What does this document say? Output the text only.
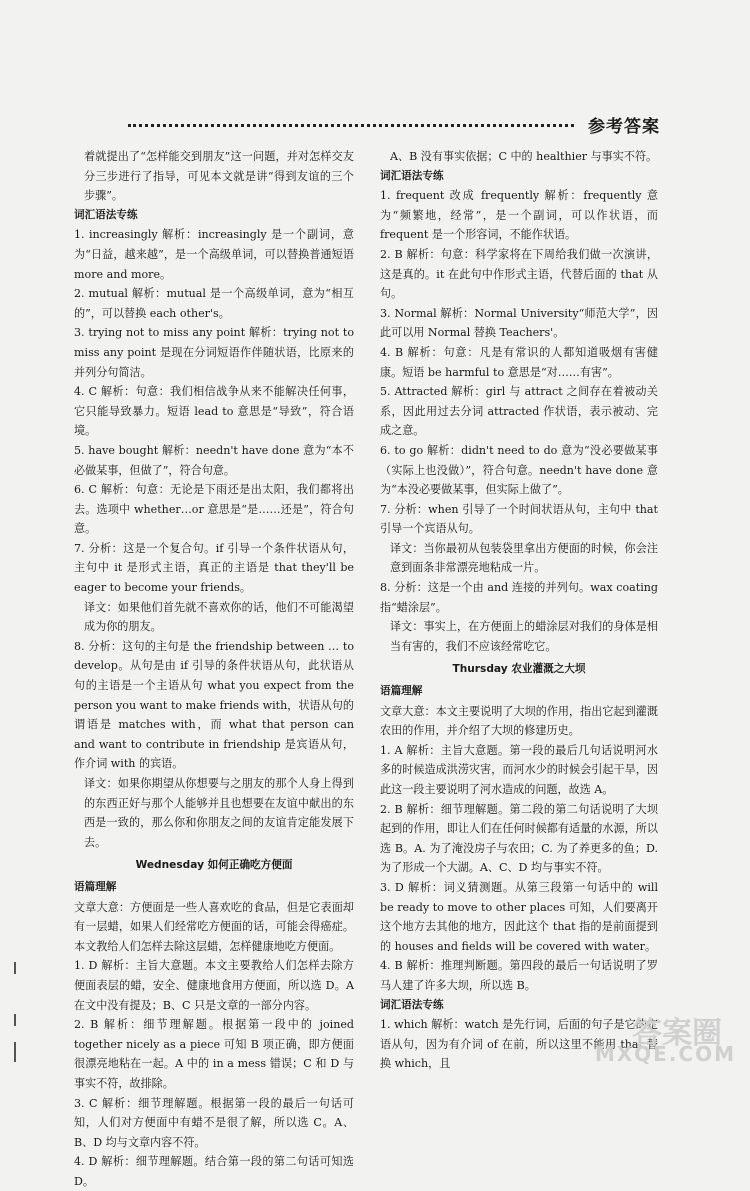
参考答案
着就提出了“怎样能交到朋友”这一问题，并对怎样交友分三步进行了指导，可见本文就是讲“得到友谊的三个步骤”。
词汇语法专练
1. increasingly 解析：increasingly 是一个副词，意为“日益，越来越”，是一个高级单词，可以替换普通短语 more and more。
2. mutual 解析：mutual 是一个高级单词，意为“相互的”，可以替换 each other's。
3. trying not to miss any point 解析：trying not to miss any point 是现在分词短语作伴随状语，比原来的并列分句简洁。
4. C 解析：句意：我们相信战争从来不能解决任何事，它只能导致暴力。短语 lead to 意思是“导致”，符合语境。
5. have bought 解析：needn't have done 意为“本不必做某事，但做了”，符合句意。
6. C 解析：句意：无论是下雨还是出太阳，我们都将出去。选项中 whether…or 意思是“是……还是”，符合句意。
7. 分析：这是一个复合句。if 引导一个条件状语从句，主句中 it 是形式主语，真正的主语是 that they'll be eager to become your friends。
译文：如果他们首先就不喜欢你的话，他们不可能渴望成为你的朋友。
8. 分析：这句的主句是 the friendship between … to develop。从句是由 if 引导的条件状语从句，此状语从句的主语是一个主语从句 what you expect from the person you want to make friends with，状语从句的谓语是 matches with，而 what that person can and want to contribute in friendship 是宾语从句，作介词 with 的宾语。
译文：如果你期望从你想要与之朋友的那个人身上得到的东西正好与那个人能够并且也想要在友谊中献出的东西是一致的，那么你和你朋友之间的友谊肯定能发展下去。
Wednesday 如何正确吃方便面
语篇理解
文章大意：方便面是一些人喜欢吃的食品，但是它表面却有一层蜡，如果人们经常吃方便面的话，可能会得癌症。本文教给人们怎样去除这层蜡，怎样健康地吃方便面。
1. D 解析：主旨大意题。本文主要教给人们怎样去除方便面表层的蜡，安全、健康地食用方便面，所以选 D。A 在文中没有提及；B、C 只是文章的一部分内容。
2. B 解析：细节理解题。根据第一段中的 joined together nicely as a piece 可知 B 项正确，即方便面很漂亮地粘在一起。A 中的 in a mess 错误；C 和 D 与事实不符，故排除。
3. C 解析：细节理解题。根据第一段的最后一句话可知，人们对方便面中有蜡不是很了解，所以选 C。A、B、D 均与文章内容不符。
4. D 解析：细节理解题。结合第一段的第二句话可知选 D。
A、B 没有事实依据；C 中的 healthier 与事实不符。
词汇语法专练
1. frequent 改成 frequently 解析：frequently 意为“频繁地，经常”，是一个副词，可以作状语，而 frequent 是一个形容词，不能作状语。
2. B 解析：句意：科学家将在下周给我们做一次演讲，这是真的。it 在此句中作形式主语，代替后面的 that 从句。
3. Normal 解析：Normal University“师范大学”，因此可以用 Normal 替换 Teachers'。
4. B 解析：句意：凡是有常识的人都知道吸烟有害健康。短语 be harmful to 意思是“对……有害”。
5. Attracted 解析：girl 与 attract 之间存在着被动关系，因此用过去分词 attracted 作状语，表示被动、完成之意。
6. to go 解析：didn't need to do 意为“没必要做某事（实际上也没做）”，符合句意。needn't have done 意为“本没必要做某事，但实际上做了”。
7. 分析：when 引导了一个时间状语从句，主句中 that 引导一个宾语从句。
译文：当你最初从包装袋里拿出方便面的时候，你会注意到面条非常漂亮地粘成一片。
8. 分析：这是一个由 and 连接的并列句。wax coating 指“蜡涂层”。
译文：事实上，在方便面上的蜡涂层对我们的身体是相当有害的，我们不应该经常吃它。
Thursday 农业灌溉之大坝
语篇理解
文章大意：本文主要说明了大坝的作用，指出它起到灌溉农田的作用，并介绍了大坝的修建历史。
1. A 解析：主旨大意题。第一段的最后几句话说明河水多的时候造成洪涝灾害，而河水少的时候会引起干旱，因此这一段主要说明了河水造成的问题，故选 A。
2. B 解析：细节理解题。第二段的第二句话说明了大坝起到的作用，即让人们在任何时候都有适量的水源，所以选 B。A. 为了淹没房子与农田；C. 为了养更多的鱼；D. 为了形成一个大湖。A、C、D 均与事实不符。
3. D 解析：词义猜测题。从第三段第一句话中的 will be ready to move to other places 可知，人们要离开这个地方去其他的地方，因此这个 that 指的是前面提到的 houses and fields will be covered with water。
4. B 解析：推理判断题。第四段的最后一句话说明了罗马人建了许多大坝，所以选 B。
词汇语法专练
1. which 解析：watch 是先行词，后面的句子是它的定语从句，因为有介词 of 在前，所以这里不能用 that 替换 which，且
答案圈
MXQE.COM
